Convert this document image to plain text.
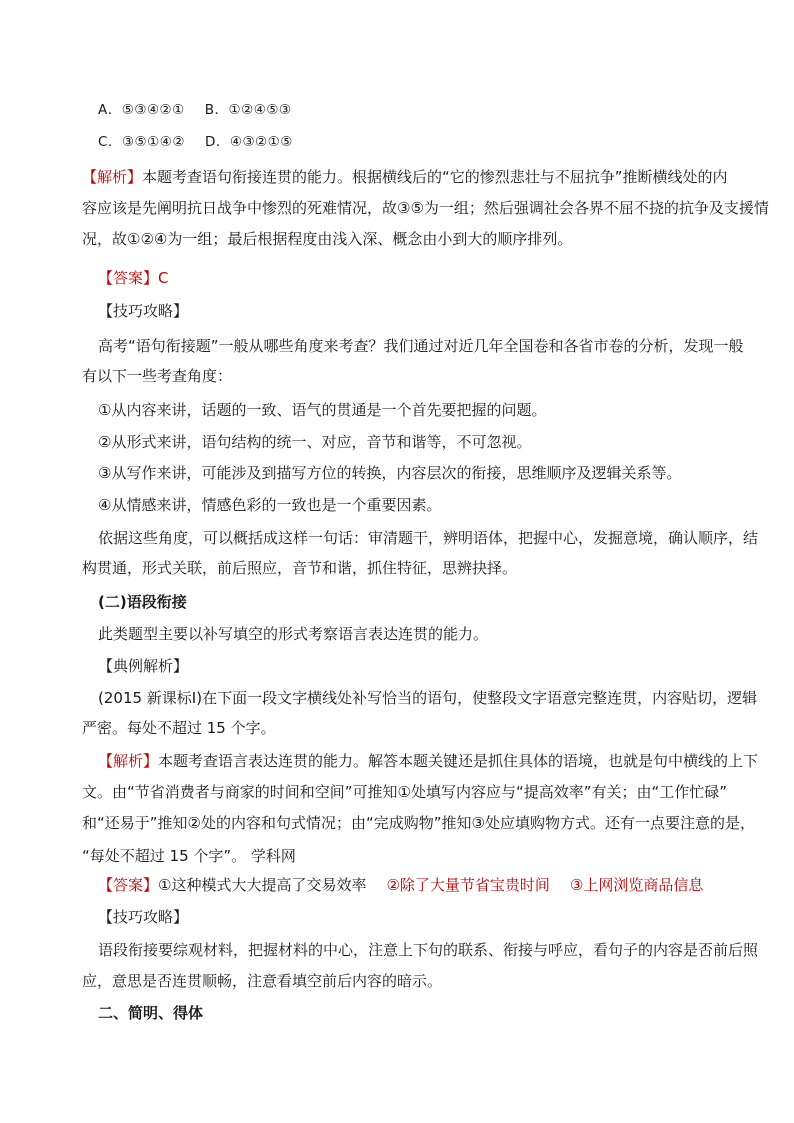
A．⑤③④②① B．①②④⑤③
C．③⑤①④② D．④③②①⑤
【解析】本题考查语句衔接连贯的能力。根据横线后的“它的惨烈悲壮与不屈抗争”推断横线处的内
容应该是先阐明抗日战争中惨烈的死难情况，故③⑤为一组；然后强调社会各界不屈不挠的抗争及支援情
况，故①②④为一组；最后根据程度由浅入深、概念由小到大的顺序排列。
【答案】C
【技巧攻略】
高考“语句衔接题”一般从哪些角度来考查？我们通过对近几年全国卷和各省市卷的分析，发现一般
有以下一些考查角度：
①从内容来讲，话题的一致、语气的贯通是一个首先要把握的问题。
②从形式来讲，语句结构的统一、对应，音节和谐等，不可忽视。
③从写作来讲，可能涉及到描写方位的转换，内容层次的衔接，思维顺序及逻辑关系等。
④从情感来讲，情感色彩的一致也是一个重要因素。
依据这些角度，可以概括成这样一句话：审清题干，辨明语体，把握中心，发掘意境，确认顺序，结
构贯通，形式关联，前后照应，音节和谐，抓住特征，思辨抉择。
(二)语段衔接
此类题型主要以补写填空的形式考察语言表达连贯的能力。
【典例解析】
(2015 新课标Ⅰ)在下面一段文字横线处补写恰当的语句，使整段文字语意完整连贯，内容贴切，逻辑
严密。每处不超过 15 个字。
【解析】本题考查语言表达连贯的能力。解答本题关键还是抓住具体的语境，也就是句中横线的上下
文。由“节省消费者与商家的时间和空间”可推知①处填写内容应与“提高效率”有关；由“工作忙碌”
和“还易于”推知②处的内容和句式情况；由“完成购物”推知③处应填购物方式。还有一点要注意的是，
“每处不超过 15 个字”。 学科网
【答案】①这种模式大大提高了交易效率 ②除了大量节省宝贵时间 ③上网浏览商品信息
【技巧攻略】
语段衔接要综观材料，把握材料的中心，注意上下句的联系、衔接与呼应，看句子的内容是否前后照
应，意思是否连贯顺畅，注意看填空前后内容的暗示。
二、简明、得体
